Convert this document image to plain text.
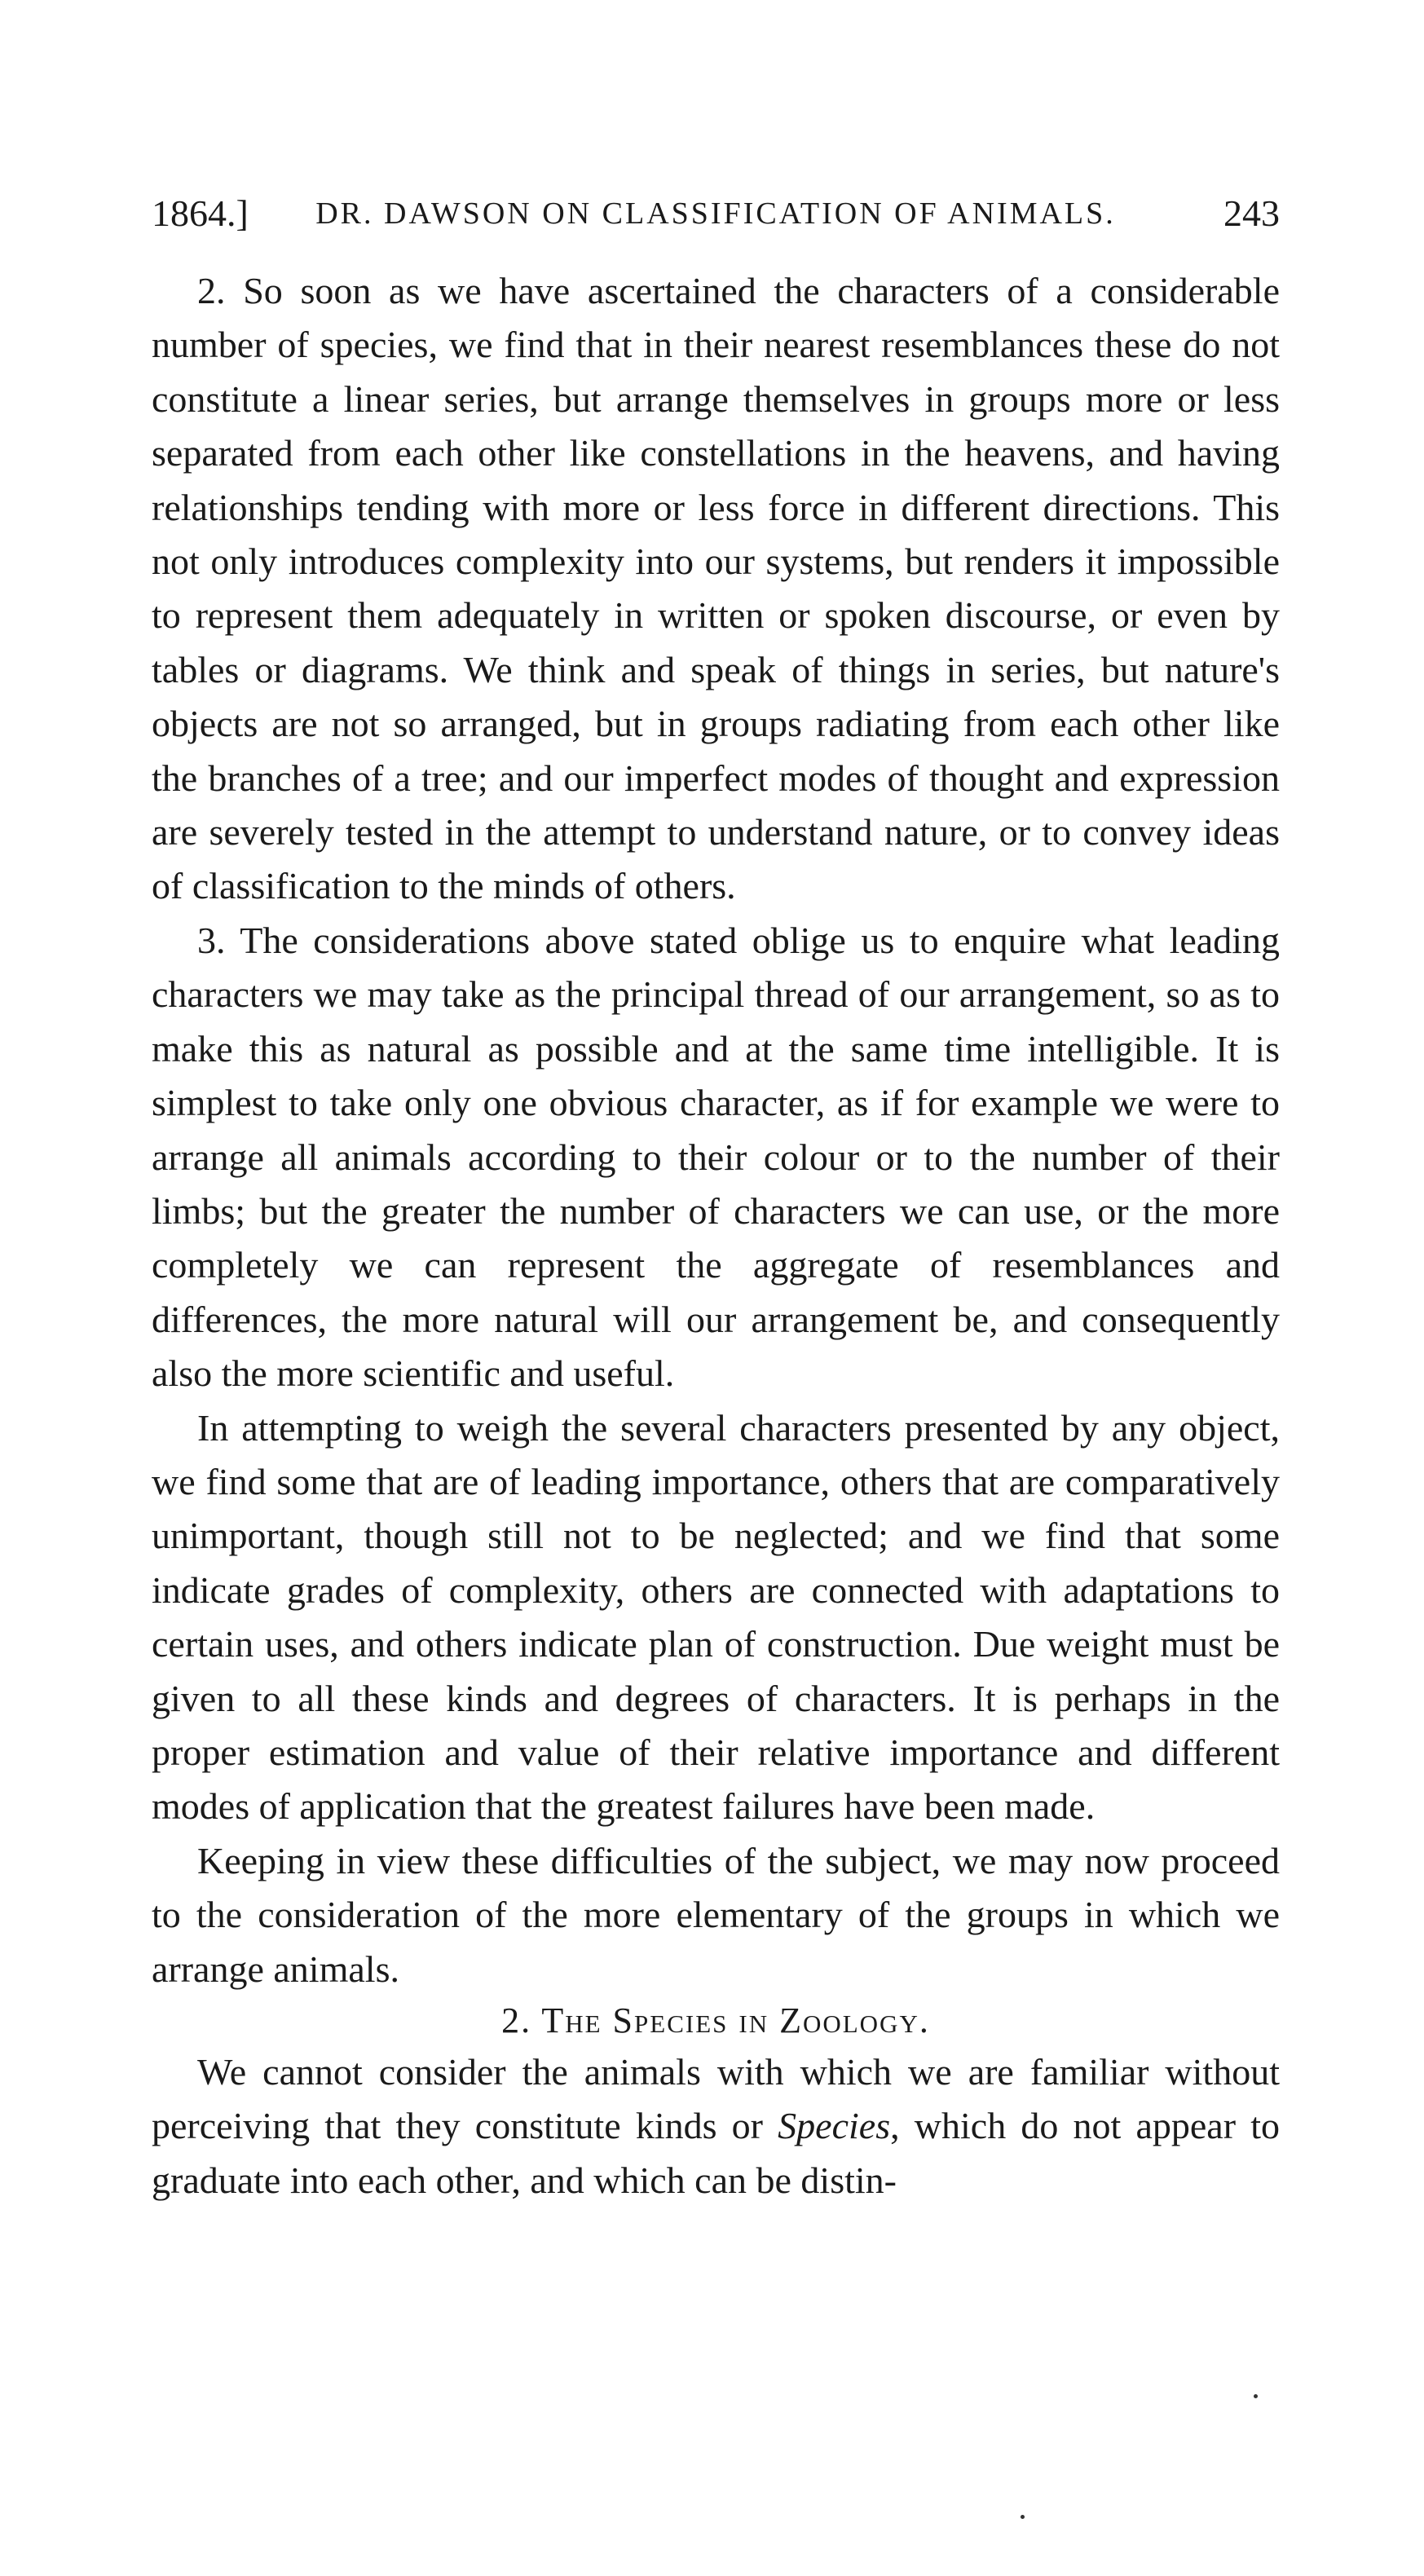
1864.]	DR. DAWSON ON CLASSIFICATION OF ANIMALS.	243

2. So soon as we have ascertained the characters of a considerable number of species, we find that in their nearest resemblances these do not constitute a linear series, but arrange themselves in groups more or less separated from each other like constellations in the heavens, and having relationships tending with more or less force in different directions. This not only introduces complexity into our systems, but renders it impossible to represent them adequately in written or spoken discourse, or even by tables or diagrams. We think and speak of things in series, but nature's objects are not so arranged, but in groups radiating from each other like the branches of a tree; and our imperfect modes of thought and expression are severely tested in the attempt to understand nature, or to convey ideas of classification to the minds of others.

3. The considerations above stated oblige us to enquire what leading characters we may take as the principal thread of our arrangement, so as to make this as natural as possible and at the same time intelligible. It is simplest to take only one obvious character, as if for example we were to arrange all animals according to their colour or to the number of their limbs; but the greater the number of characters we can use, or the more completely we can represent the aggregate of resemblances and differences, the more natural will our arrangement be, and consequently also the more scientific and useful.

In attempting to weigh the several characters presented by any object, we find some that are of leading importance, others that are comparatively unimportant, though still not to be neglected; and we find that some indicate grades of complexity, others are connected with adaptations to certain uses, and others indicate plan of construction. Due weight must be given to all these kinds and degrees of characters. It is perhaps in the proper estimation and value of their relative importance and different modes of application that the greatest failures have been made.

Keeping in view these difficulties of the subject, we may now proceed to the consideration of the more elementary of the groups in which we arrange animals.

2. The Species in Zoology.

We cannot consider the animals with which we are familiar without perceiving that they constitute kinds or Species, which do not appear to graduate into each other, and which can be distin-
